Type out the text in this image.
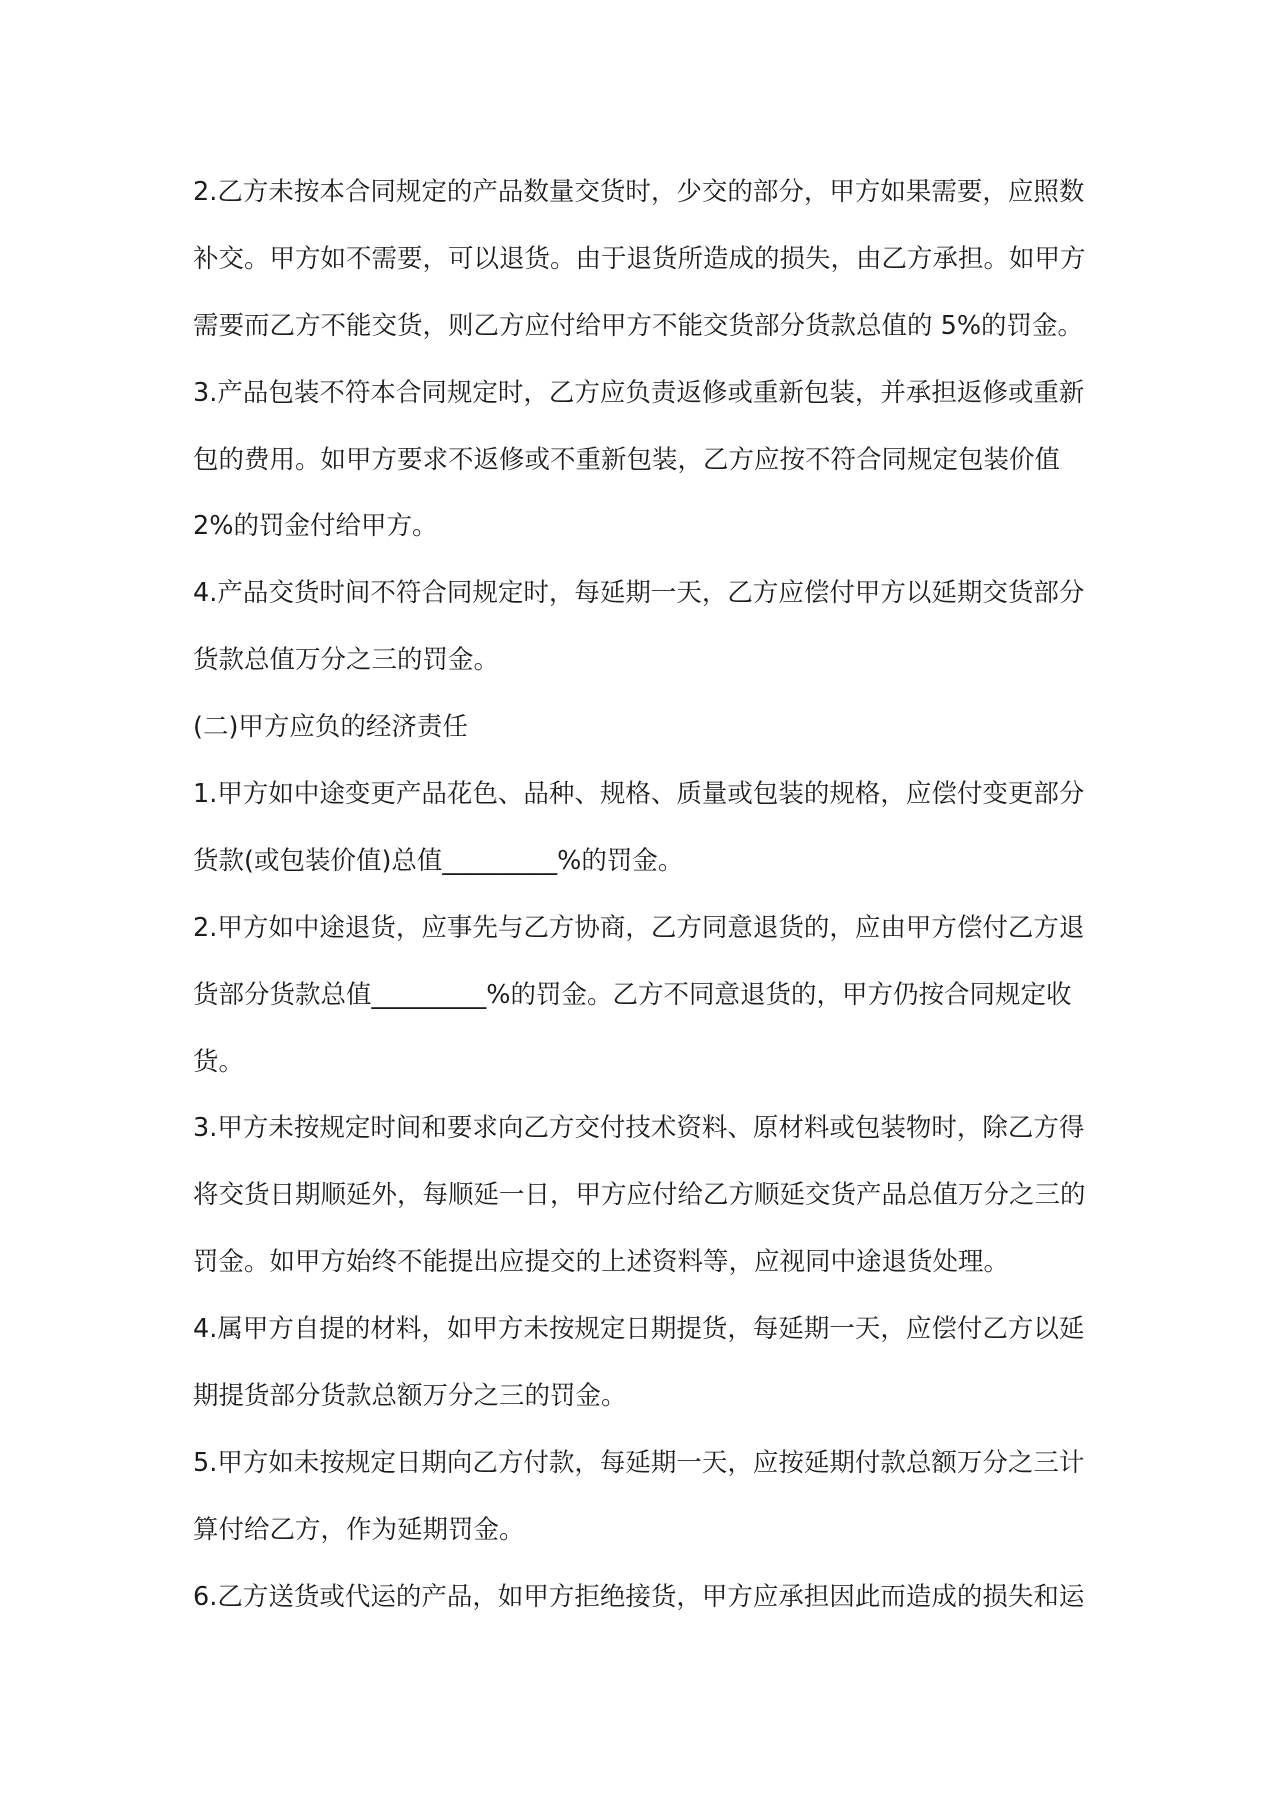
2.乙方未按本合同规定的产品数量交货时，少交的部分，甲方如果需要，应照数
补交。甲方如不需要，可以退货。由于退货所造成的损失，由乙方承担。如甲方
需要而乙方不能交货，则乙方应付给甲方不能交货部分货款总值的 5%的罚金。
3.产品包装不符本合同规定时，乙方应负责返修或重新包装，并承担返修或重新
包的费用。如甲方要求不返修或不重新包装，乙方应按不符合同规定包装价值
2%的罚金付给甲方。
4.产品交货时间不符合同规定时，每延期一天，乙方应偿付甲方以延期交货部分
货款总值万分之三的罚金。
(二)甲方应负的经济责任
1.甲方如中途变更产品花色、品种、规格、质量或包装的规格，应偿付变更部分
货款(或包装价值)总值_________%的罚金。
2.甲方如中途退货，应事先与乙方协商，乙方同意退货的，应由甲方偿付乙方退
货部分货款总值_________%的罚金。乙方不同意退货的，甲方仍按合同规定收
货。
3.甲方未按规定时间和要求向乙方交付技术资料、原材料或包装物时，除乙方得
将交货日期顺延外，每顺延一日，甲方应付给乙方顺延交货产品总值万分之三的
罚金。如甲方始终不能提出应提交的上述资料等，应视同中途退货处理。
4.属甲方自提的材料，如甲方未按规定日期提货，每延期一天，应偿付乙方以延
期提货部分货款总额万分之三的罚金。
5.甲方如未按规定日期向乙方付款，每延期一天，应按延期付款总额万分之三计
算付给乙方，作为延期罚金。
6.乙方送货或代运的产品，如甲方拒绝接货，甲方应承担因此而造成的损失和运
